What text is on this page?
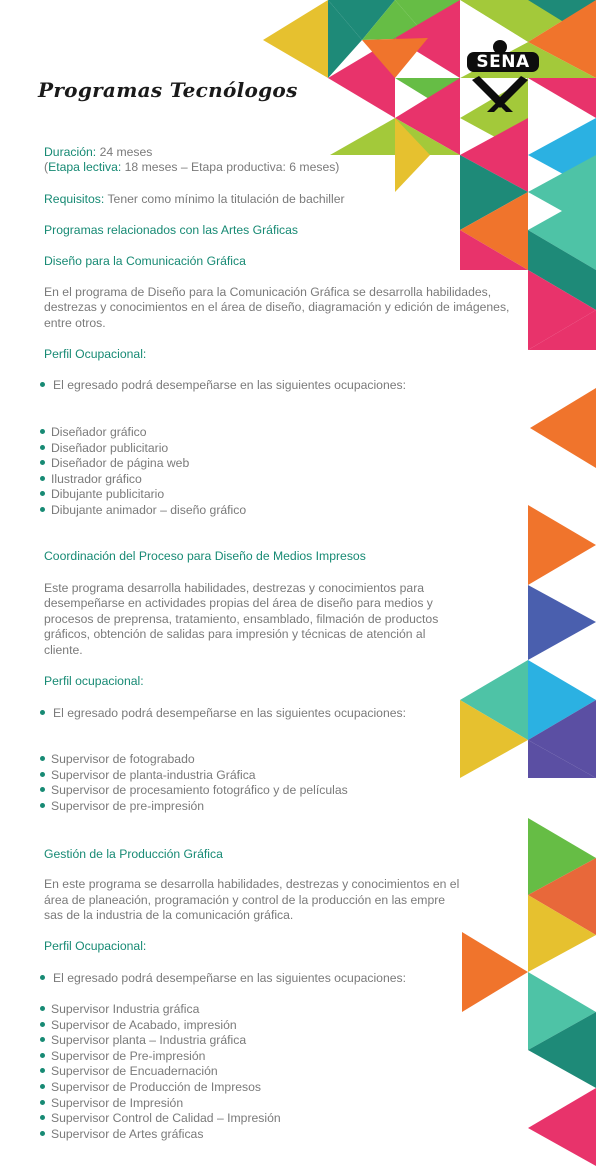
Programas Tecnólogos
SENA
Duración: 24 meses
(Etapa lectiva: 18 meses – Etapa productiva: 6 meses)
Requisitos: Tener como mínimo la titulación de bachiller
Programas relacionados con las Artes Gráficas
Diseño para la Comunicación Gráfica
En el programa de Diseño para la Comunicación Gráfica se desarrolla habilidades,
destrezas y conocimientos en el área de diseño, diagramación y edición de imágenes,
entre otros.
Perfil Ocupacional:
El egresado podrá desempeñarse en las siguientes ocupaciones:
Diseñador gráfico
Diseñador publicitario
Diseñador de página web
Ilustrador gráfico
Dibujante publicitario
Dibujante animador – diseño gráfico
Coordinación del Proceso para Diseño de Medios Impresos
Este programa desarrolla habilidades, destrezas y conocimientos para
desempeñarse en actividades propias del área de diseño para medios y
procesos de preprensa, tratamiento, ensamblado, filmación de productos
gráficos, obtención de salidas para impresión y técnicas de atención al
cliente.
Perfil ocupacional:
El egresado podrá desempeñarse en las siguientes ocupaciones:
Supervisor de fotograbado
Supervisor de planta-industria Gráfica
Supervisor de procesamiento fotográfico y de películas
Supervisor de pre-impresión
Gestión de la Producción Gráfica
En este programa se desarrolla habilidades, destrezas y conocimientos en el
área de planeación, programación y control de la producción en las empre
sas de la industria de la comunicación gráfica.
Perfil Ocupacional:
El egresado podrá desempeñarse en las siguientes ocupaciones:
Supervisor Industria gráfica
Supervisor de Acabado, impresión
Supervisor planta – Industria gráfica
Supervisor de Pre-impresión
Supervisor de Encuadernación
Supervisor de Producción de Impresos
Supervisor de Impresión
Supervisor Control de Calidad – Impresión
Supervisor de Artes gráficas
